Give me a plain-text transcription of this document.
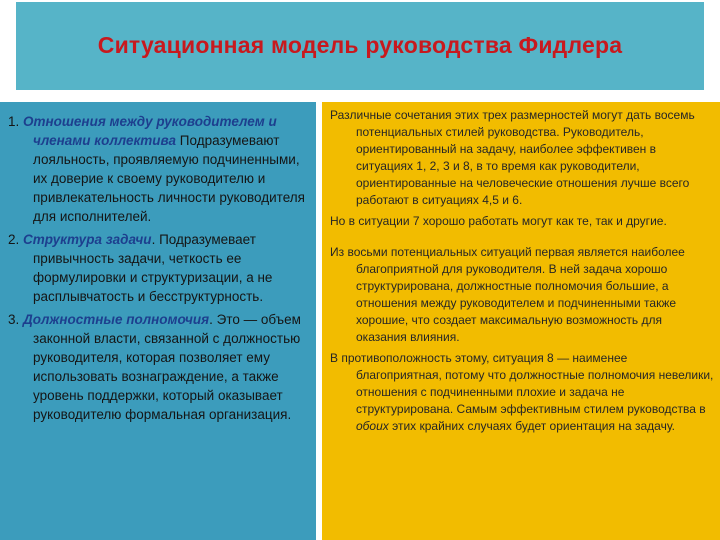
Ситуационная модель руководства Фидлера

1. Отношения между руководителем и членами коллектива Подразумевают лояльность, проявляемую подчиненными, их доверие к своему руководителю и привлекательность личности руководителя для исполнителей.

2. Структура задачи. Подразумевает привычность задачи, четкость ее формулировки и структуризации, а не расплывчатость и бесструктурность.

3. Должностные полномочия. Это — объем законной власти, связанной с должностью руководителя, которая позволяет ему использовать вознаграждение, а также уровень поддержки, который оказывает руководителю формальная организация.

Различные сочетания этих трех размерностей могут дать восемь потенциальных стилей руководства. Руководитель, ориентированный на задачу, наиболее эффективен в ситуациях 1, 2, 3 и 8, в то время как руководители, ориентированные на человеческие отношения лучше всего работают в ситуациях 4,5 и 6.

Но в ситуации 7 хорошо работать могут как те, так и другие.

Из восьми потенциальных ситуаций первая является наиболее благоприятной для руководителя. В ней задача хорошо структурирована, должностные полномочия большие, а отношения между руководителем и подчиненными также хорошие, что создает максимальную возможность для оказания влияния.

В противоположность этому, ситуация 8 — наименее благоприятная, потому что должностные полномочия невелики, отношения с подчиненными плохие и задача не структурирована. Самым эффективным стилем руководства в обоих этих крайних случаях будет ориентация на задачу.
